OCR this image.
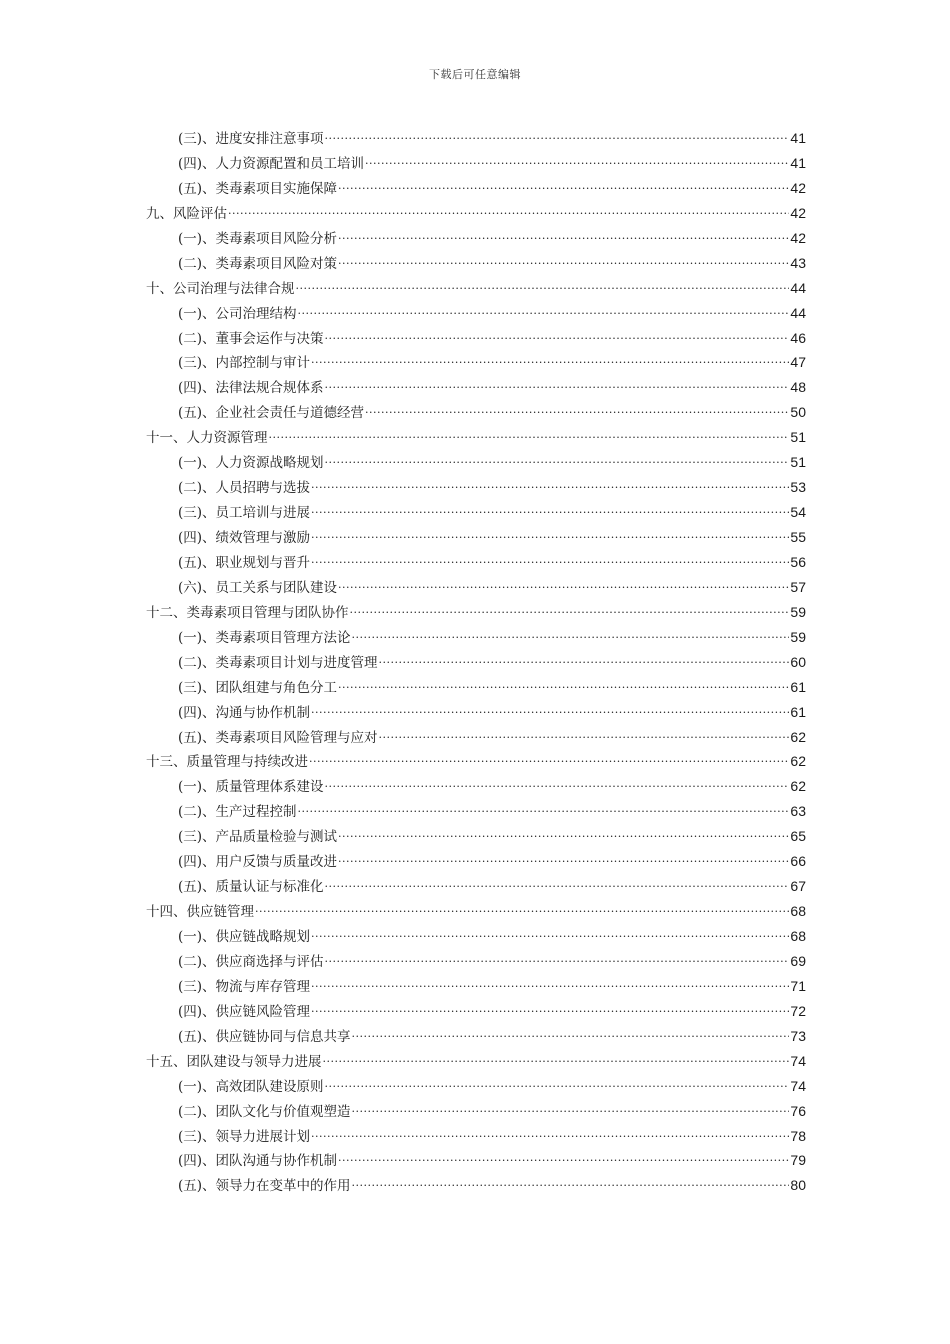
下载后可任意编辑
(三)、进度安排注意事项 .....	41
(四)、人力资源配置和员工培训 .....	41
(五)、类毒素项目实施保障 .....	42
九、风险评估 .....	42
(一)、类毒素项目风险分析 .....	42
(二)、类毒素项目风险对策 .....	43
十、公司治理与法律合规 .....	44
(一)、公司治理结构 .....	44
(二)、董事会运作与决策 .....	46
(三)、内部控制与审计 .....	47
(四)、法律法规合规体系 .....	48
(五)、企业社会责任与道德经营 .....	50
十一、人力资源管理 .....	51
(一)、人力资源战略规划 .....	51
(二)、人员招聘与选拔 .....	53
(三)、员工培训与进展 .....	54
(四)、绩效管理与激励 .....	55
(五)、职业规划与晋升 .....	56
(六)、员工关系与团队建设 .....	57
十二、类毒素项目管理与团队协作 .....	59
(一)、类毒素项目管理方法论 .....	59
(二)、类毒素项目计划与进度管理 .....	60
(三)、团队组建与角色分工 .....	61
(四)、沟通与协作机制 .....	61
(五)、类毒素项目风险管理与应对 .....	62
十三、质量管理与持续改进 .....	62
(一)、质量管理体系建设 .....	62
(二)、生产过程控制 .....	63
(三)、产品质量检验与测试 .....	65
(四)、用户反馈与质量改进 .....	66
(五)、质量认证与标准化 .....	67
十四、供应链管理 .....	68
(一)、供应链战略规划 .....	68
(二)、供应商选择与评估 .....	69
(三)、物流与库存管理 .....	71
(四)、供应链风险管理 .....	72
(五)、供应链协同与信息共享 .....	73
十五、团队建设与领导力进展 .....	74
(一)、高效团队建设原则 .....	74
(二)、团队文化与价值观塑造 .....	76
(三)、领导力进展计划 .....	78
(四)、团队沟通与协作机制 .....	79
(五)、领导力在变革中的作用 .....	80
